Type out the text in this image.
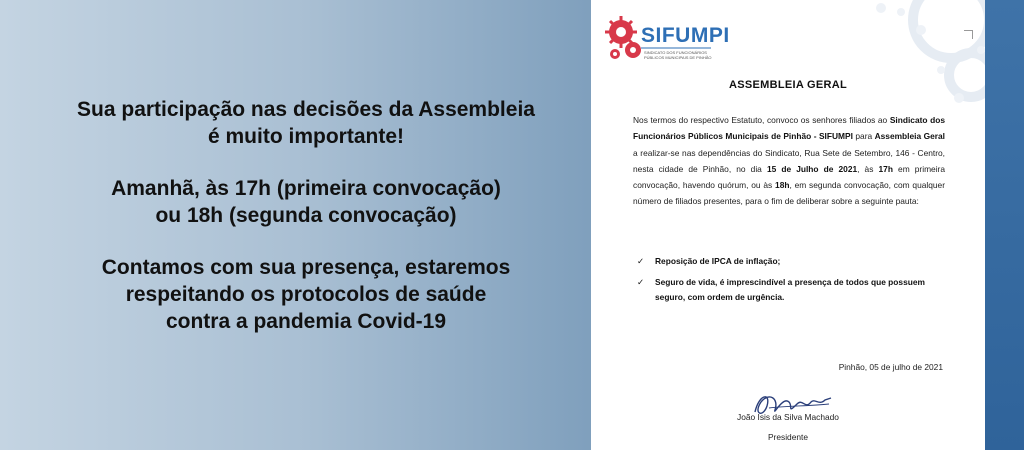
Sua participação nas decisões da Assembleia
é muito importante!

Amanhã, às 17h (primeira convocação)
ou 18h (segunda convocação)

Contamos com sua presença, estaremos
respeitando os protocolos de saúde
contra a pandemia Covid-19

SIFUMPI
SINDICATO DOS FUNCIONÁRIOS PÚBLICOS MUNICIPAIS DE PINHÃO
ASSEMBLEIA GERAL
Nos termos do respectivo Estatuto, convoco os senhores filiados ao Sindicato dos Funcionários Públicos Municipais de Pinhão - SIFUMPI para Assembleia Geral a realizar-se nas dependências do Sindicato, Rua Sete de Setembro, 146 - Centro, nesta cidade de Pinhão, no dia 15 de Julho de 2021, às 17h em primeira convocação, havendo quórum, ou às 18h, em segunda convocação, com qualquer número de filiados presentes, para o fim de deliberar sobre a seguinte pauta:
✓ Reposição de IPCA de inflação;
✓ Seguro de vida, é imprescindível a presença de todos que possuem seguro, com ordem de urgência.
Pinhão, 05 de julho de 2021
João Isis da Silva Machado
Presidente
